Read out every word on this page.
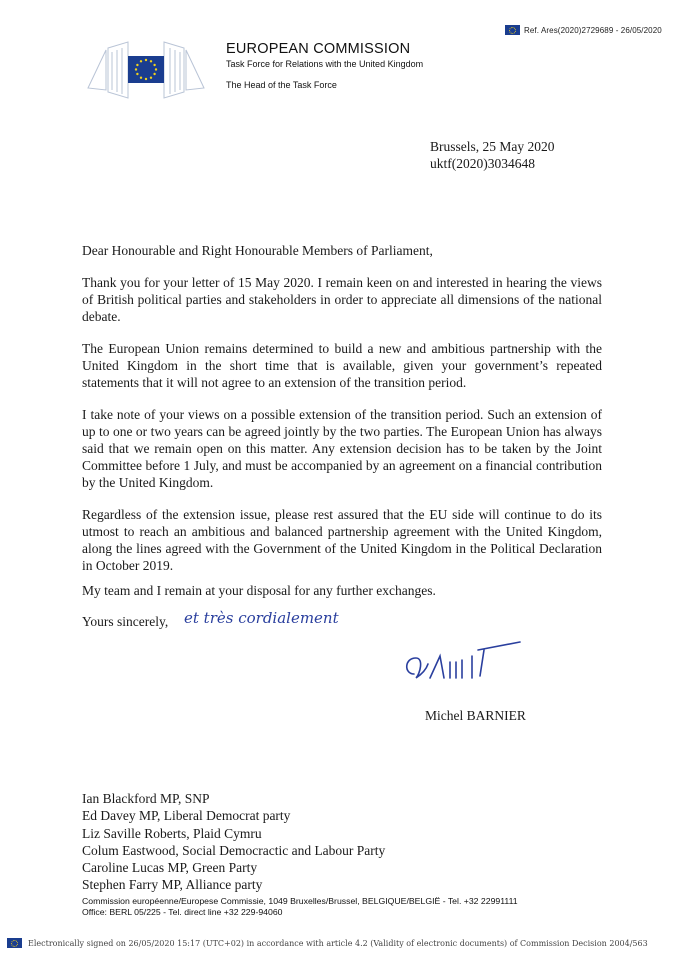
Ref. Ares(2020)2729689 - 26/05/2020
EUROPEAN COMMISSION
Task Force for Relations with the United Kingdom
The Head of the Task Force
Brussels, 25 May 2020
uktf(2020)3034648
Dear Honourable and Right Honourable Members of Parliament,
Thank you for your letter of 15 May 2020. I remain keen on and interested in hearing the views of British political parties and stakeholders in order to appreciate all dimensions of the national debate.
The European Union remains determined to build a new and ambitious partnership with the United Kingdom in the short time that is available, given your government’s repeated statements that it will not agree to an extension of the transition period.
I take note of your views on a possible extension of the transition period. Such an extension of up to one or two years can be agreed jointly by the two parties. The European Union has always said that we remain open on this matter. Any extension decision has to be taken by the Joint Committee before 1 July, and must be accompanied by an agreement on a financial contribution by the United Kingdom.
Regardless of the extension issue, please rest assured that the EU side will continue to do its utmost to reach an ambitious and balanced partnership agreement with the United Kingdom, along the lines agreed with the Government of the United Kingdom in the Political Declaration in October 2019.
My team and I remain at your disposal for any further exchanges.
Yours sincerely, et très cordialement
Michel BARNIER
Ian Blackford MP, SNP
Ed Davey MP, Liberal Democrat party
Liz Saville Roberts, Plaid Cymru
Colum Eastwood, Social Democractic and Labour Party
Caroline Lucas MP, Green Party
Stephen Farry MP, Alliance party
Commission européenne/Europese Commissie, 1049 Bruxelles/Brussel, BELGIQUE/BELGIË - Tel. +32 22991111
Office: BERL 05/225 - Tel. direct line +32 229-94060
Electronically signed on 26/05/2020 15:17 (UTC+02) in accordance with article 4.2 (Validity of electronic documents) of Commission Decision 2004/563
